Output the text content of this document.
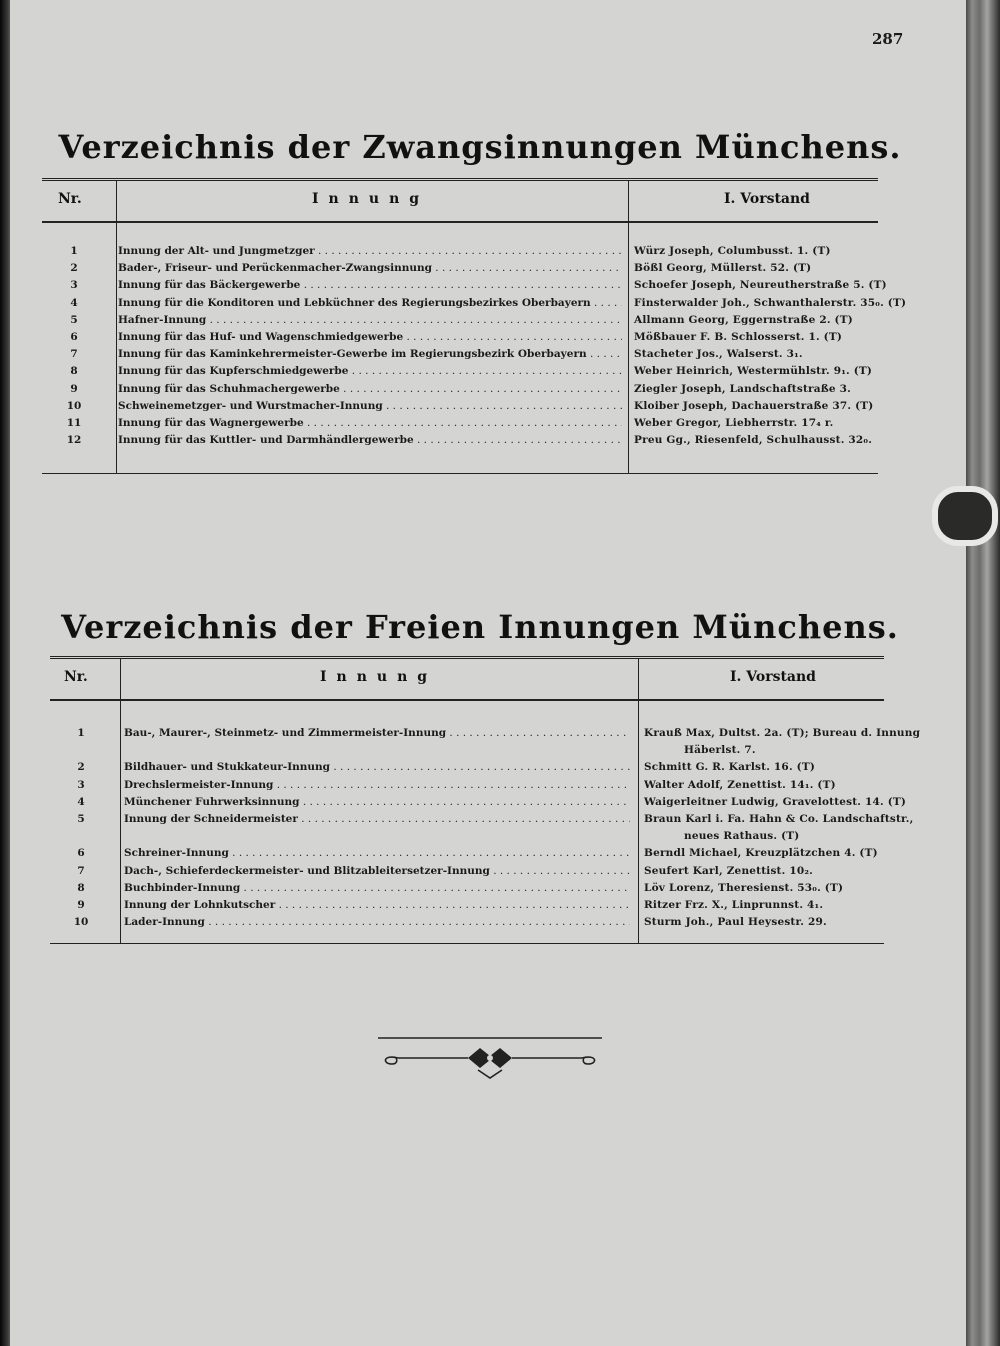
287
Verzeichnis der Zwangsinnungen Münchens.
Nr.	Innung	I. Vorstand
1	Innung der Alt- und Jungmetzger . . .	Würz Joseph, Columbusst. 1. (T)
2	Bader-, Friseur- und Perückenmacher-Zwangsinnung . . .	Bößl Georg, Müllerst. 52. (T)
3	Innung für das Bäckergewerbe . . .	Schoefer Joseph, Neureutherstraße 5. (T)
4	Innung für die Konditoren und Lebküchner des Regierungsbezirkes Oberbayern . . .	Finsterwalder Joh., Schwanthalerstr. 35₀. (T)
5	Hafner-Innung . . .	Allmann Georg, Eggernstraße 2. (T)
6	Innung für das Huf- und Wagenschmiedgewerbe . . .	Mößbauer F. B. Schlosserst. 1. (T)
7	Innung für das Kaminkehrermeister-Gewerbe im Regierungsbezirk Oberbayern . . .	Stacheter Jos., Walserst. 3₁.
8	Innung für das Kupferschmiedgewerbe . . .	Weber Heinrich, Westermühlstr. 9₁. (T)
9	Innung für das Schuhmachergewerbe . . .	Ziegler Joseph, Landschaftstraße 3.
10	Schweinemetzger- und Wurstmacher-Innung . . .	Kloiber Joseph, Dachauerstraße 37. (T)
11	Innung für das Wagnergewerbe . . .	Weber Gregor, Liebherrstr. 17₄ r.
12	Innung für das Kuttler- und Darmhändlergewerbe . . .	Preu Gg., Riesenfeld, Schulhausst. 32₀.
Verzeichnis der Freien Innungen Münchens.
Nr.	Innung	I. Vorstand
1	Bau-, Maurer-, Steinmetz- und Zimmermeister-Innung . . .	Krauß Max, Dultst. 2a. (T); Bureau d. Innung
Häberlst. 7.
2	Bildhauer- und Stukkateur-Innung . . .	Schmitt G. R. Karlst. 16. (T)
3	Drechslermeister-Innung . . .	Walter Adolf, Zenettist. 14₁. (T)
4	Münchener Fuhrwerksinnung . . .	Waigerleitner Ludwig, Gravelottest. 14. (T)
5	Innung der Schneidermeister . . .	Braun Karl i. Fa. Hahn & Co. Landschaftstr.,
neues Rathaus. (T)
6	Schreiner-Innung . . .	Berndl Michael, Kreuzplätzchen 4. (T)
7	Dach-, Schieferdeckermeister- und Blitzableitersetzer-Innung . . .	Seufert Karl, Zenettist. 10₂.
8	Buchbinder-Innung . . .	Löv Lorenz, Theresienst. 53₀. (T)
9	Innung der Lohnkutscher . . .	Ritzer Frz. X., Linprunnst. 4₁.
10	Lader-Innung . . .	Sturm Joh., Paul Heysestr. 29.
